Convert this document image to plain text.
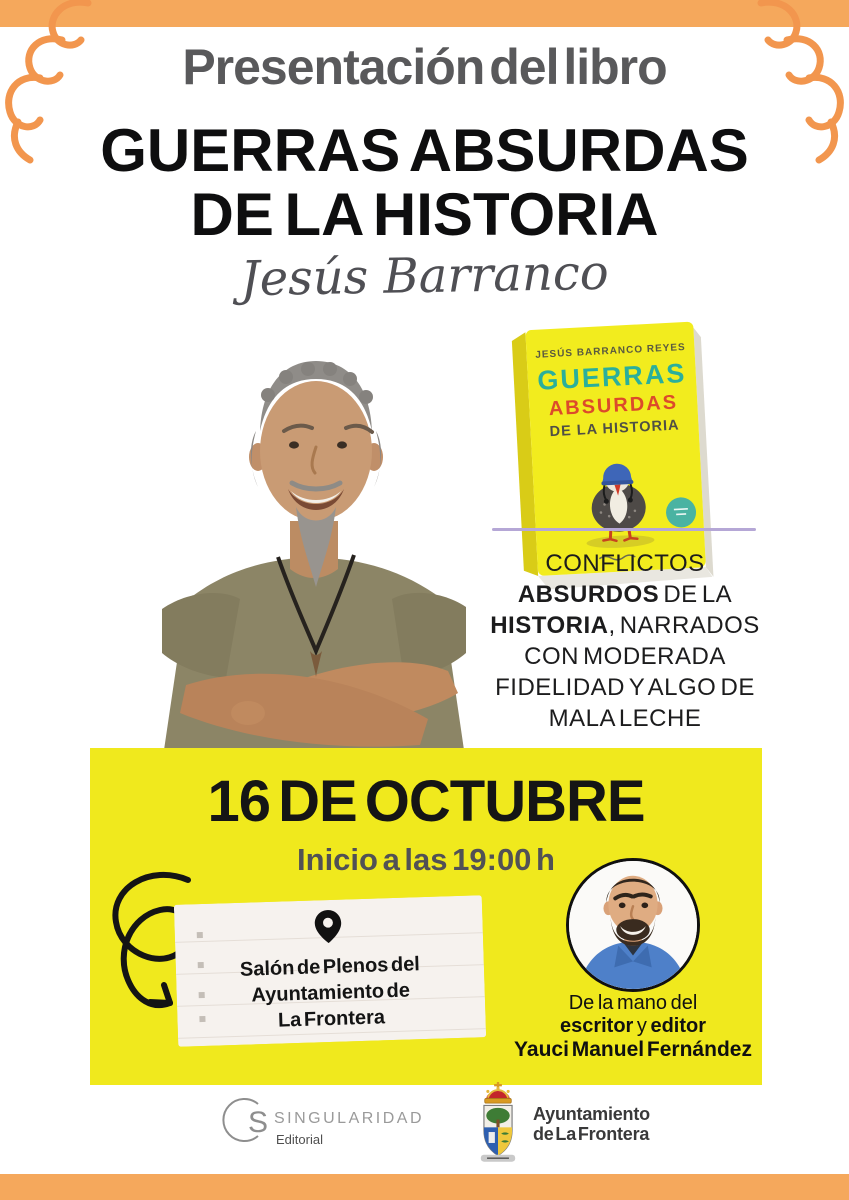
Presentación del libro
GUERRAS ABSURDAS
DE LA HISTORIA
Jesús Barranco
JESÚS BARRANCO REYES
GUERRAS
ABSURDAS
DE LA HISTORIA
CONFLICTOS
ABSURDOS DE LA
HISTORIA, NARRADOS
CON MODERADA
FIDELIDAD Y ALGO DE
MALA LECHE
16 DE OCTUBRE
Inicio a las 19:00 h
Salón de Plenos del
Ayuntamiento de
La Frontera
De la mano del
escritor y editor
Yauci Manuel Fernández
S SINGULARIDAD
Editorial
Ayuntamiento
de La Frontera
